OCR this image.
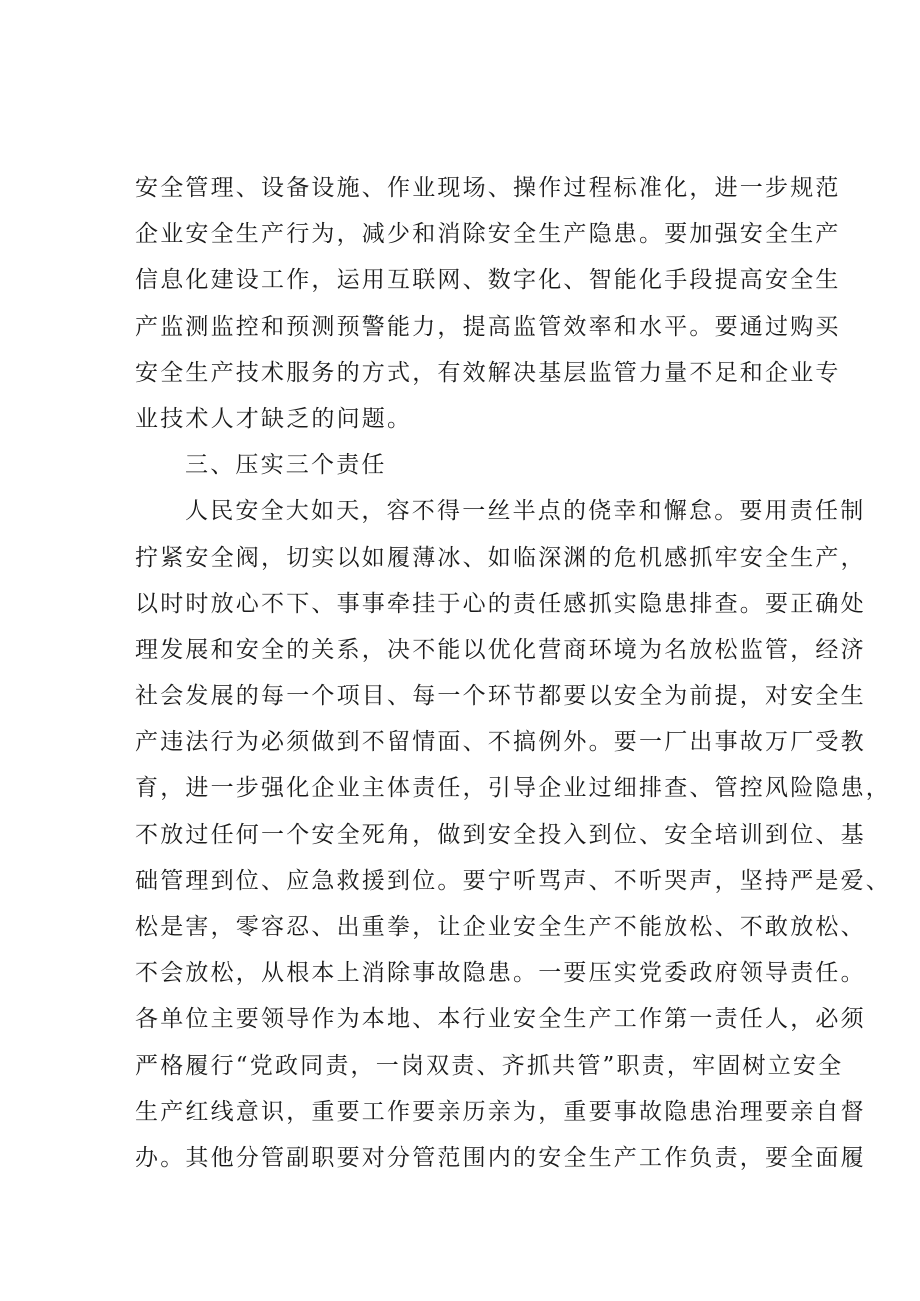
安全管理、设备设施、作业现场、操作过程标准化，进一步规范
企业安全生产行为，减少和消除安全生产隐患。要加强安全生产
信息化建设工作，运用互联网、数字化、智能化手段提高安全生
产监测监控和预测预警能力，提高监管效率和水平。要通过购买
安全生产技术服务的方式，有效解决基层监管力量不足和企业专
业技术人才缺乏的问题。
三、压实三个责任
人民安全大如天，容不得一丝半点的侥幸和懈怠。要用责任制
拧紧安全阀，切实以如履薄冰、如临深渊的危机感抓牢安全生产，
以时时放心不下、事事牵挂于心的责任感抓实隐患排查。要正确处
理发展和安全的关系，决不能以优化营商环境为名放松监管，经济
社会发展的每一个项目、每一个环节都要以安全为前提，对安全生
产违法行为必须做到不留情面、不搞例外。要一厂出事故万厂受教
育，进一步强化企业主体责任，引导企业过细排查、管控风险隐患，
不放过任何一个安全死角，做到安全投入到位、安全培训到位、基
础管理到位、应急救援到位。要宁听骂声、不听哭声，坚持严是爱、
松是害，零容忍、出重拳，让企业安全生产不能放松、不敢放松、
不会放松，从根本上消除事故隐患。一要压实党委政府领导责任。
各单位主要领导作为本地、本行业安全生产工作第一责任人，必须
严格履行“党政同责，一岗双责、齐抓共管”职责，牢固树立安全
生产红线意识，重要工作要亲历亲为，重要事故隐患治理要亲自督
办。其他分管副职要对分管范围内的安全生产工作负责，要全面履
